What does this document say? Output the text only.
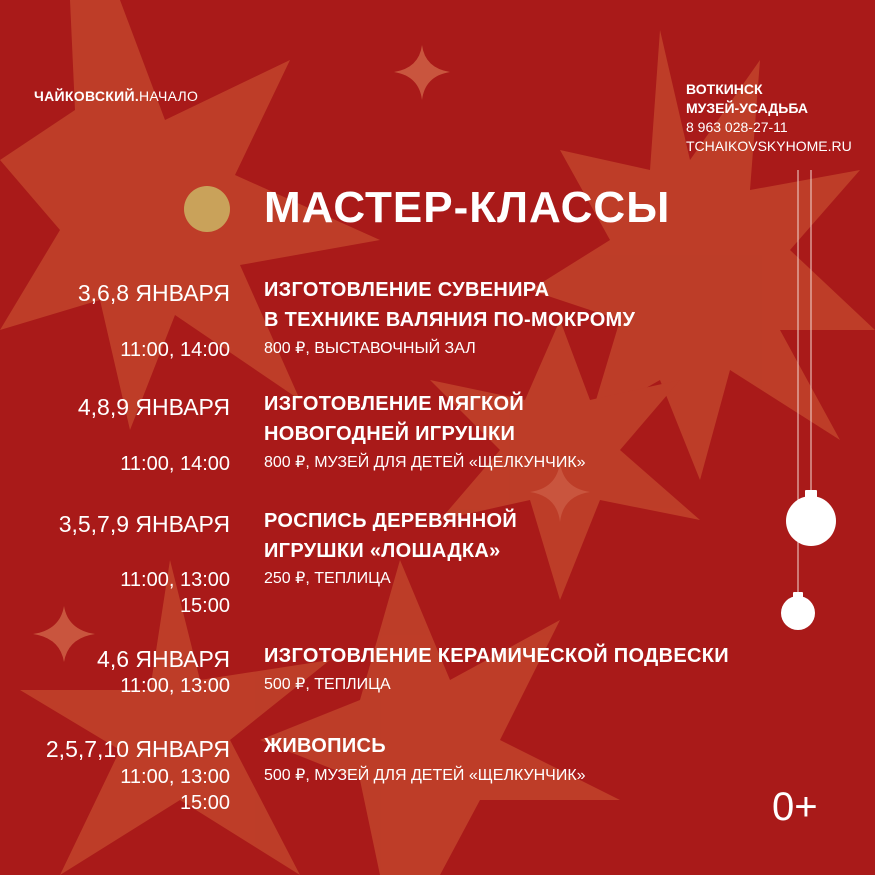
ЧАЙКОВСКИЙ.НАЧАЛО	ВОТКИНСК
МУЗЕЙ-УСАДЬБА
8 963 028-27-11
TCHAIKOVSKYHOME.RU
МАСТЕР-КЛАССЫ
3,6,8 ЯНВАРЯ ИЗГОТОВЛЕНИЕ СУВЕНИРА
В ТЕХНИКЕ ВАЛЯНИЯ ПО-МОКРОМУ
11:00, 14:00 800 ₽, ВЫСТАВОЧНЫЙ ЗАЛ
4,8,9 ЯНВАРЯ ИЗГОТОВЛЕНИЕ МЯГКОЙ
НОВОГОДНЕЙ ИГРУШКИ
11:00, 14:00 800 ₽, МУЗЕЙ ДЛЯ ДЕТЕЙ «ЩЕЛКУНЧИК»
3,5,7,9 ЯНВАРЯ РОСПИСЬ ДЕРЕВЯННОЙ
ИГРУШКИ «ЛОШАДКА»
11:00, 13:00
15:00
250 ₽, ТЕПЛИЦА
4,6 ЯНВАРЯ ИЗГОТОВЛЕНИЕ КЕРАМИЧЕСКОЙ ПОДВЕСКИ
11:00, 13:00 500 ₽, ТЕПЛИЦА
2,5,7,10 ЯНВАРЯ ЖИВОПИСЬ
11:00, 13:00
15:00
500 ₽, МУЗЕЙ ДЛЯ ДЕТЕЙ «ЩЕЛКУНЧИК»
0+
